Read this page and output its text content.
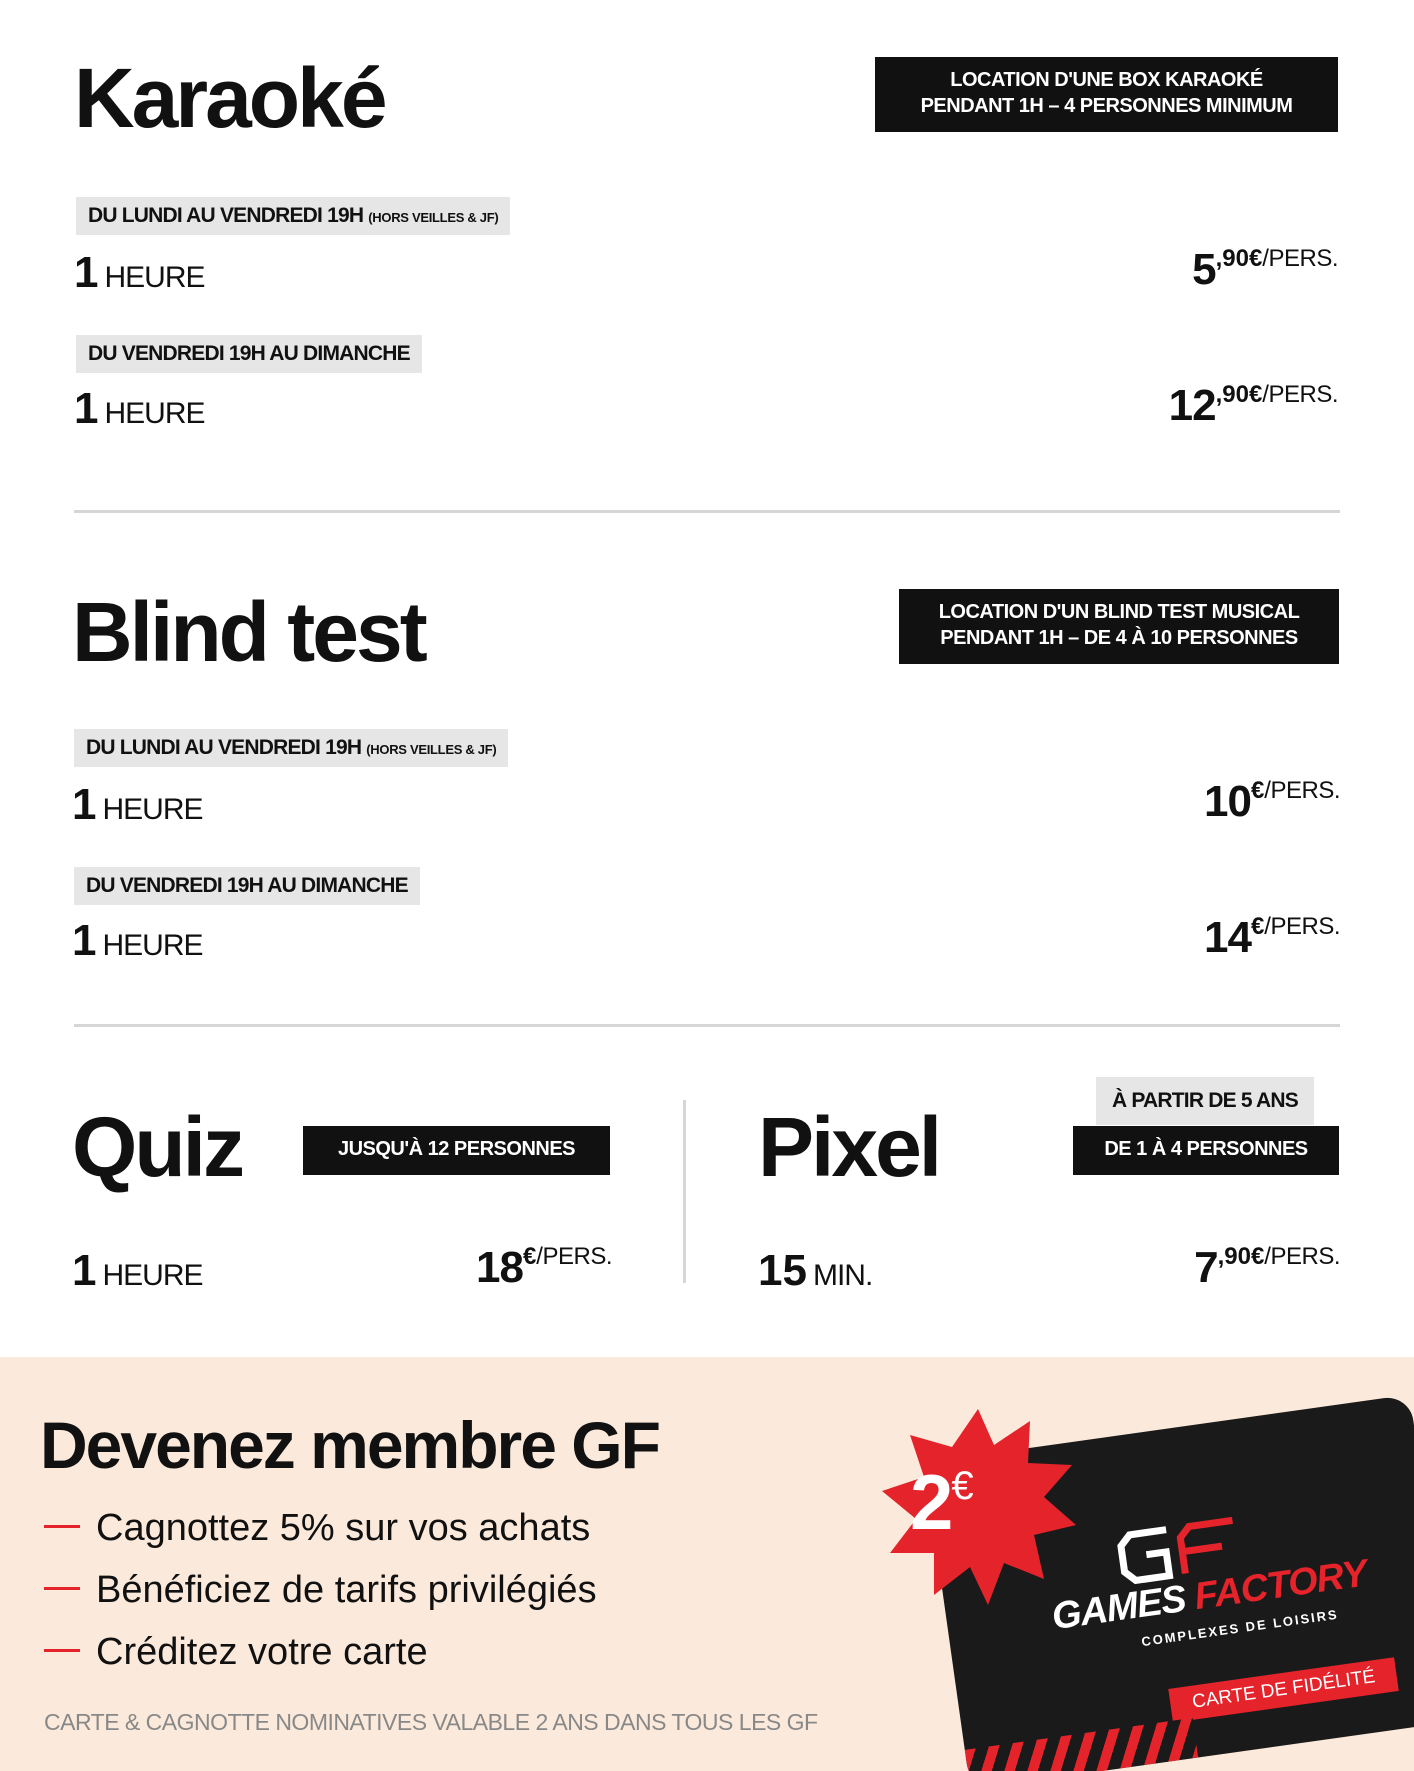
Karaoké	LOCATION D'UNE BOX KARAOKÉ
PENDANT 1H – 4 PERSONNES MINIMUM
DU LUNDI AU VENDREDI 19H (HORS VEILLES & JF)
1 HEURE	5,90€/PERS.
DU VENDREDI 19H AU DIMANCHE
1 HEURE	12,90€/PERS.
Blind test	LOCATION D'UN BLIND TEST MUSICAL
PENDANT 1H – DE 4 À 10 PERSONNES
DU LUNDI AU VENDREDI 19H (HORS VEILLES & JF)
1 HEURE	10€/PERS.
DU VENDREDI 19H AU DIMANCHE
1 HEURE	14€/PERS.
Quiz	JUSQU'À 12 PERSONNES
1 HEURE	18€/PERS.
Pixel	À PARTIR DE 5 ANS
DE 1 À 4 PERSONNES
15 MIN.	7,90€/PERS.
Devenez membre GF
Cagnottez 5% sur vos achats
Bénéficiez de tarifs privilégiés
Créditez votre carte
CARTE & CAGNOTTE NOMINATIVES VALABLE 2 ANS DANS TOUS LES GF
GAMES FACTORY
COMPLEXES DE LOISIRS
CARTE DE FIDÉLITÉ
2€
